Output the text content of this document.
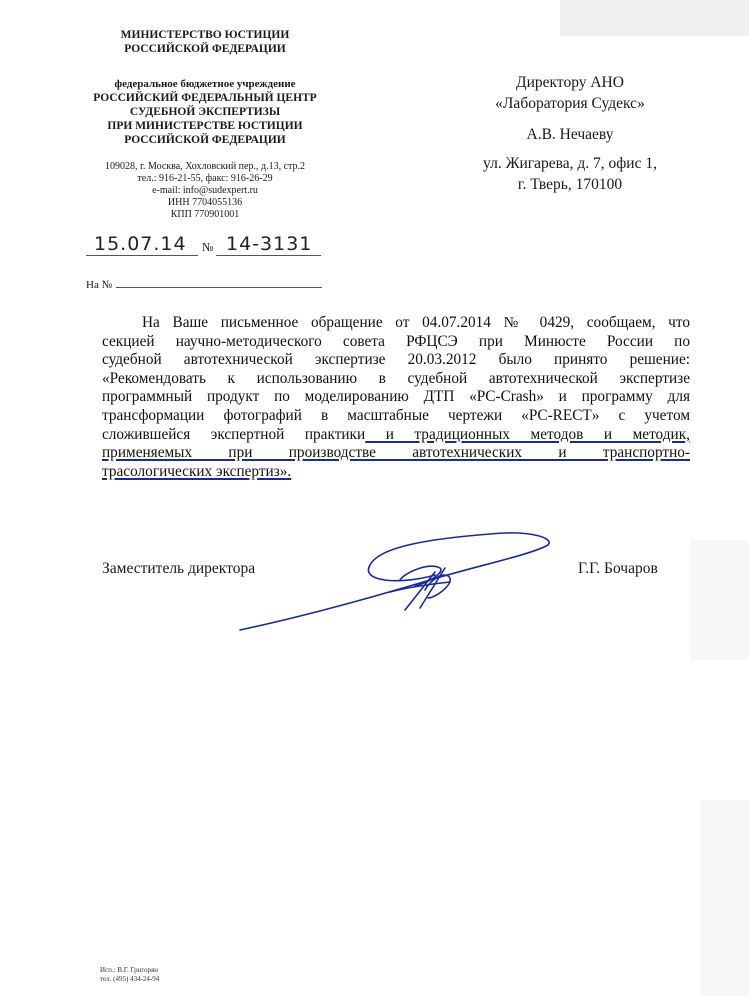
МИНИСТЕРСТВО ЮСТИЦИИ
РОССИЙСКОЙ ФЕДЕРАЦИИ
федеральное бюджетное учреждение
РОССИЙСКИЙ ФЕДЕРАЛЬНЫЙ ЦЕНТР
СУДЕБНОЙ ЭКСПЕРТИЗЫ
ПРИ МИНИСТЕРСТВЕ ЮСТИЦИИ
РОССИЙСКОЙ ФЕДЕРАЦИИ
109028, г. Москва, Хохловский пер., д.13, стр.2
тел.: 916-21-55, факс: 916-26-29
e-mail: info@sudexpert.ru
ИНН 7704055136
КПП 770901001
15.07.14 № 14-3131
На №
Директору АНО
«Лаборатория Судекс»
А.В. Нечаеву
ул. Жигарева, д. 7, офис 1,
г. Тверь, 170100

На Ваше письменное обращение от 04.07.2014 № 0429, сообщаем, что

секцией научно-методического совета РФЦСЭ при Минюсте России по

судебной автотехнической экспертизе 20.03.2012 было принято решение:

«Рекомендовать к использованию в судебной автотехнической экспертизе

программный продукт по моделированию ДТП «PC-Crash» и программу для

трансформации фотографий в масштабные чертежи «PC-RECT» с учетом

сложившейся экспертной практики и традиционных методов и методик,

применяемых при производстве автотехнических и транспортно-

трасологических экспертиз».

Заместитель директора	Г.Г. Бочаров
Исп.: В.Г. Григорян
тел. (495) 434-24-94
